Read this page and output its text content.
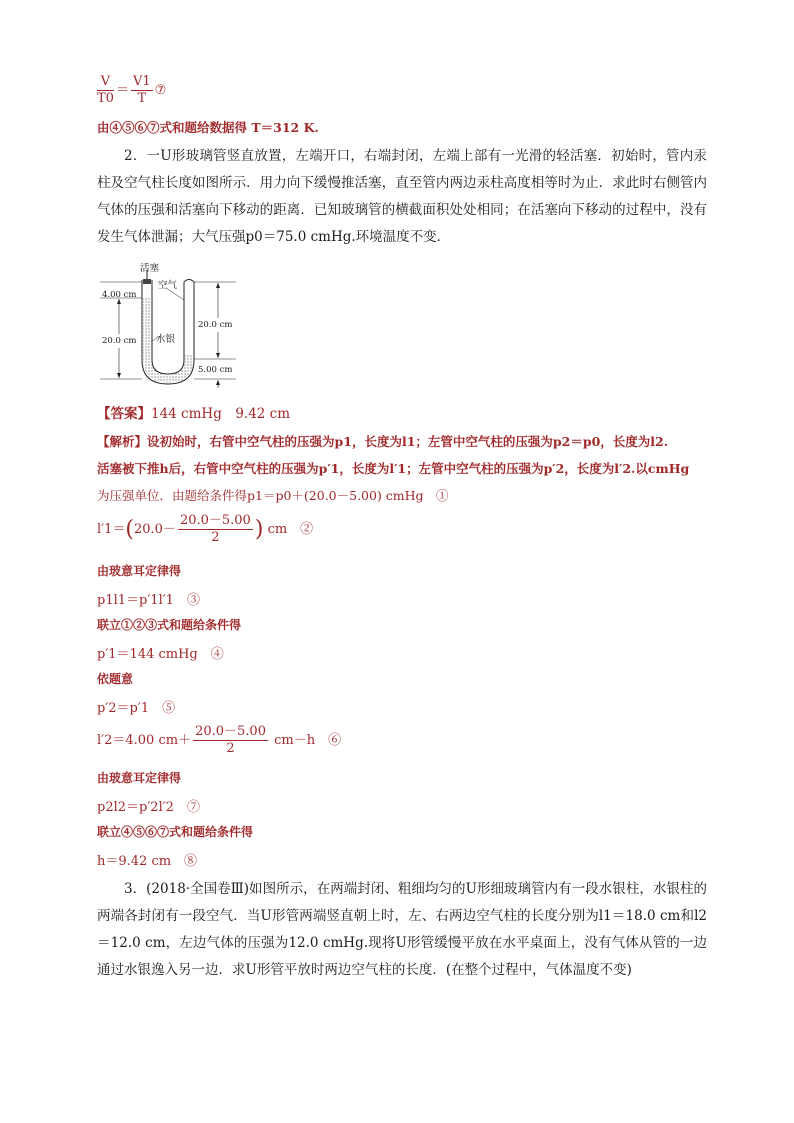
$\frac{V}{T0} = \frac{V1}{T}$ ⑦
由④⑤⑥⑦式和题给数据得 T＝312 K.
2．一U形玻璃管竖直放置，左端开口，右端封闭，左端上部有一光滑的轻活塞．初始时，管内汞柱及空气柱长度如图所示．用力向下缓慢推活塞，直至管内两边汞柱高度相等时为止．求此时右侧管内气体的压强和活塞向下移动的距离．已知玻璃管的横截面积处处相同；在活塞向下移动的过程中，没有发生气体泄漏；大气压强p0＝75.0 cmHg.环境温度不变．
活塞
空气
水银
4.00 cm
20.0 cm
20.0 cm
5.00 cm
【答案】144 cmHg　9.42 cm
【解析】设初始时，右管中空气柱的压强为p1，长度为l1；左管中空气柱的压强为p2＝p0，长度为l2.
活塞被下推h后，右管中空气柱的压强为p′1，长度为l′1；左管中空气柱的压强为p′2，长度为l′2.以cmHg
为压强单位．由题给条件得p1＝p0＋(20.0－5.00) cmHg　①
$l'1=(20.0- \frac{20.0-5.00}{2}$ ) cm　②
由玻意耳定律得
p1l1＝p′1l′1　③
联立①②③式和题给条件得
p′1＝144 cmHg　④
依题意
p′2＝p′1　⑤
l′2＝4.00 $cm+ \frac{20.0-5.00}{2} cm-h$　⑥
由玻意耳定律得
p2l2＝p′2l′2　⑦
联立④⑤⑥⑦式和题给条件得
h＝9.42 cm　⑧
3．(2018·全国卷Ⅲ)如图所示，在两端封闭、粗细均匀的U形细玻璃管内有一段水银柱，水银柱的两端各封闭有一段空气．当U形管两端竖直朝上时，左、右两边空气柱的长度分别为l1＝18.0 cm和l2＝12.0 cm，左边气体的压强为12.0 cmHg.现将U形管缓慢平放在水平桌面上，没有气体从管的一边通过水银逸入另一边．求U形管平放时两边空气柱的长度．(在整个过程中，气体温度不变)
